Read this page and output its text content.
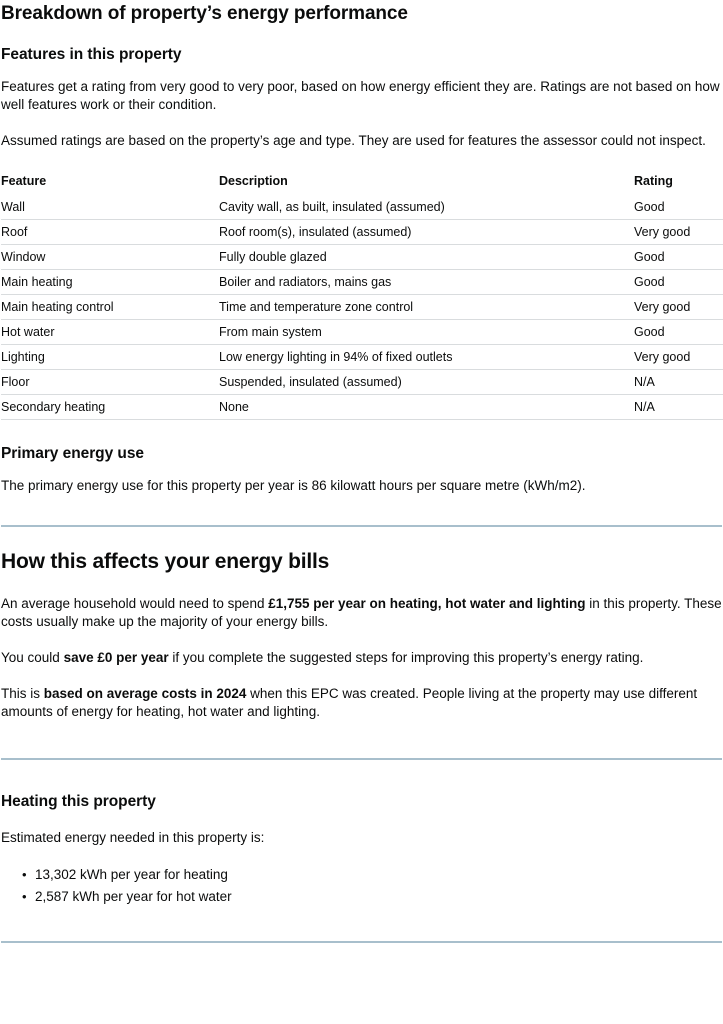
Breakdown of property’s energy performance
Features in this property

Features get a rating from very good to very poor, based on how energy efficient they are. Ratings are not based on how well features work or their condition.

Assumed ratings are based on the property’s age and type. They are used for features the assessor could not inspect.

Feature	Description	Rating
Wall	Cavity wall, as built, insulated (assumed)	Good
Roof	Roof room(s), insulated (assumed)	Very good
Window	Fully double glazed	Good
Main heating	Boiler and radiators, mains gas	Good
Main heating control	Time and temperature zone control	Very good
Hot water	From main system	Good
Lighting	Low energy lighting in 94% of fixed outlets	Very good
Floor	Suspended, insulated (assumed)	N/A
Secondary heating	None	N/A
Primary energy use

The primary energy use for this property per year is 86 kilowatt hours per square metre (kWh/m2).

How this affects your energy bills

An average household would need to spend £1,755 per year on heating, hot water and lighting in this property. These costs usually make up the majority of your energy bills.

You could save £0 per year if you complete the suggested steps for improving this property’s energy rating.

This is based on average costs in 2024 when this EPC was created. People living at the property may use different amounts of energy for heating, hot water and lighting.

Heating this property

Estimated energy needed in this property is:

• 13,302 kWh per year for heating
• 2,587 kWh per year for hot water
